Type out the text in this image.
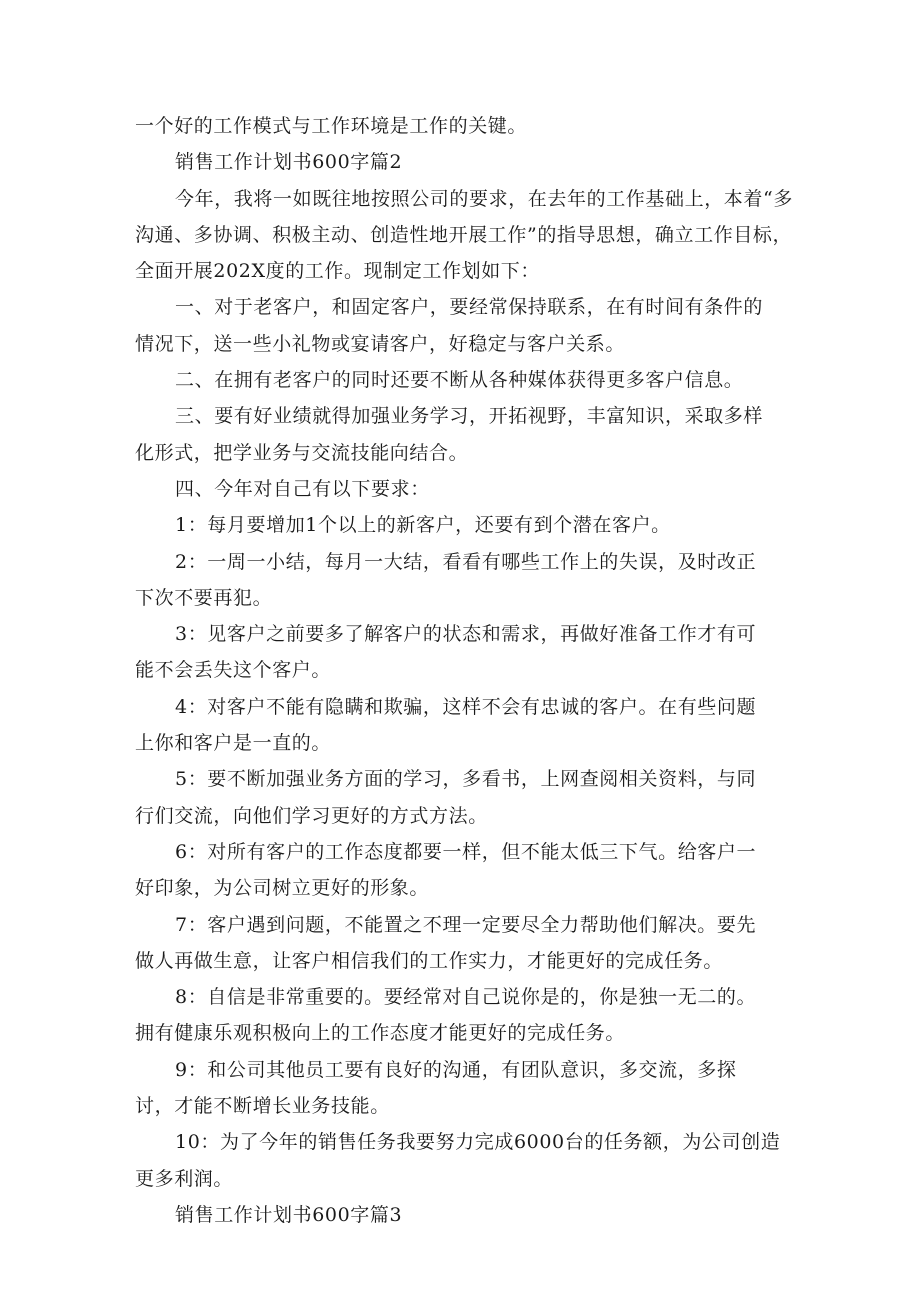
一个好的工作模式与工作环境是工作的关键。
销售工作计划书600字篇2
今年，我将一如既往地按照公司的要求，在去年的工作基础上，本着“多
沟通、多协调、积极主动、创造性地开展工作”的指导思想，确立工作目标，
全面开展202X度的工作。现制定工作划如下：
一、对于老客户，和固定客户，要经常保持联系，在有时间有条件的
情况下，送一些小礼物或宴请客户，好稳定与客户关系。
二、在拥有老客户的同时还要不断从各种媒体获得更多客户信息。
三、要有好业绩就得加强业务学习，开拓视野，丰富知识，采取多样
化形式，把学业务与交流技能向结合。
四、今年对自己有以下要求：
1：每月要增加1个以上的新客户，还要有到个潜在客户。
2：一周一小结，每月一大结，看看有哪些工作上的失误，及时改正
下次不要再犯。
3：见客户之前要多了解客户的状态和需求，再做好准备工作才有可
能不会丢失这个客户。
4：对客户不能有隐瞒和欺骗，这样不会有忠诚的客户。在有些问题
上你和客户是一直的。
5：要不断加强业务方面的学习，多看书，上网查阅相关资料，与同
行们交流，向他们学习更好的方式方法。
6：对所有客户的工作态度都要一样，但不能太低三下气。给客户一
好印象，为公司树立更好的形象。
7：客户遇到问题，不能置之不理一定要尽全力帮助他们解决。要先
做人再做生意，让客户相信我们的工作实力，才能更好的完成任务。
8：自信是非常重要的。要经常对自己说你是的，你是独一无二的。
拥有健康乐观积极向上的工作态度才能更好的完成任务。
9：和公司其他员工要有良好的沟通，有团队意识，多交流，多探
讨，才能不断增长业务技能。
10：为了今年的销售任务我要努力完成6000台的任务额，为公司创造
更多利润。
销售工作计划书600字篇3
